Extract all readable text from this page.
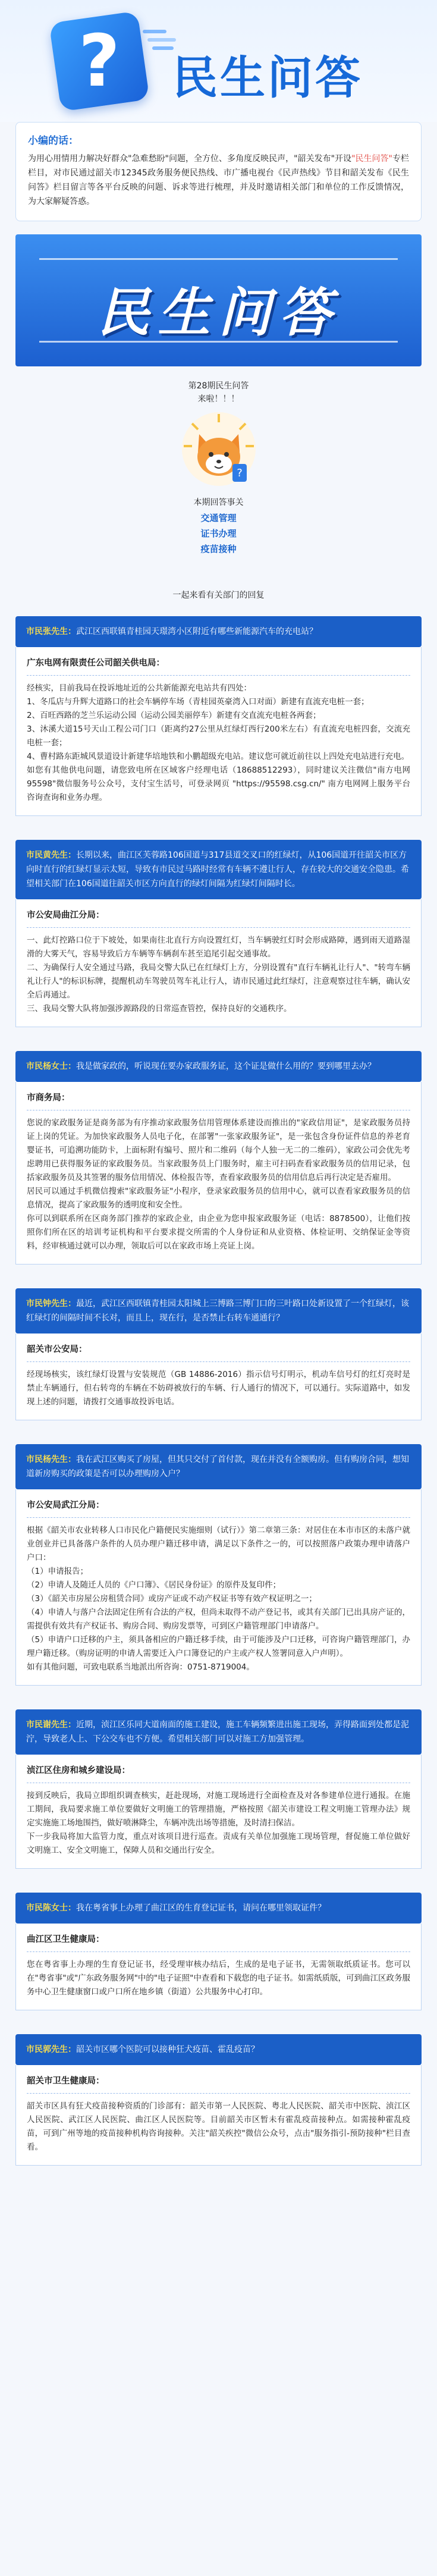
? 民生问答
小编的话：

为用心用情用力解决好群众"急难愁盼"问题，全方位、多角度反映民声，"韶关发布"开设"民生问答"专栏栏目，对市民通过韶关市12345政务服务便民热线、市广播电视台《民声热线》节目和韶关发布《民生问答》栏目留言等各平台反映的问题、诉求等进行梳理，并及时邀请相关部门和单位的工作反馈情况，为大家解疑答惑。

民生问答
第28期民生问答
来啦！！！
?
本期回答事关
交通管理
证书办理
疫苗接种
一起来看有关部门的回复
市民张先生：武江区西联镇青桂园天璟湾小区附近有哪些新能源汽车的充电站？
广东电网有限责任公司韶关供电局：

经核实，目前我局在投诉地址近的公共新能源充电站共有四处：
1、冬瓜店与升辉大道路口的社会车辆停车场（青桂园英豪湾入口对面）新建有直流充电桩一套；
2、百旺西路的芝兰乐运动公园（运动公园美丽停车）新建有交直流充电桩各两套；
3、沐溪大道15号天山工程公司门口（距离约27公里从红绿灯西行200米左右）有直流充电桩四套，交流充电桩一套；
4、曹村路东距城风景道设计新建华培地铁和小鹏超级充电站。建议您可就近前往以上四处充电站进行充电。
如您有其他供电问题，请您致电所在区域客户经理电话（18688512293），同时建议关注微信"南方电网95598"微信服务号公众号，支付宝生活号，可登录网页 "https://95598.csg.cn/" 南方电网网上服务平台咨询查询和业务办理。

市民黄先生：长期以来，曲江区芙蓉路106国道与317县道交叉口的红绿灯，从106国道开往韶关市区方向时直行的红绿灯显示太短，导致有市民过马路时经常有车辆不遵让行人，存在较大的交通安全隐患。希望相关部门在106国道往韶关市区方向直行的绿灯间隔为红绿灯间隔时长。
市公安局曲江分局：

一、此灯控路口位于下坡处，如果南往北直行方向设置红灯，当车辆驶红灯时会形成路障，遇到雨天道路湿滑的大雾天气，容易导致后方车辆等车辆刹车甚至追尾引起交通事故。
二、为确保行人安全通过马路，我局交警大队已在红绿灯上方，分别设置有"直行车辆礼让行人"、"转弯车辆礼让行人"的标识标牌，提醒机动车驾驶员驾车礼让行人，请市民通过此红绿灯，注意观察过往车辆，确认安全后再通过。
三、我局交警大队将加强涉源路段的日常巡查管控，保持良好的交通秩序。

市民杨女士：我是做家政的，听说现在要办家政服务证，这个证是做什么用的？要到哪里去办？
市商务局：

您说的家政服务证是商务部为有序推动家政服务信用管理体系建设而推出的"家政信用证"，是家政服务员持证上岗的凭证。为加快家政服务人员电子化，在部署"一张家政服务证"，是一张包含身份证件信息的养老育婴证书，可追溯功能防卡，上面标附有编号、照片和二维码（每个人独一无二的二维码），家政公司会优先考虑聘用已获得服务证的家政服务员。当家政服务员上门服务时，雇主可扫码查看家政服务员的信用记录，包括家政服务员及其签署的服务信用情况、体检报告等，查看家政服务员的信用信息后再行决定是否雇用。
居民可以通过手机微信搜索"家政服务证"小程序，登录家政服务员的信用中心，就可以查看家政服务员的信息情况，提高了家政服务的透明度和安全性。
你可以到联系所在区商务部门推荐的家政企业，由企业为您申报家政服务证（电话：8878500），让他们按照你们所在区的培训考证机构和平台要求提交所需的个人身份证和从业资格、体检证明、交纳保证金等资料，经审核通过就可以办理，领取后可以在家政市场上亮证上岗。

市民钟先生：最近，武江区西联镇青桂园太阳城上三博路三博门口的三叶路口处新设置了一个红绿灯，该红绿灯的间隔时间不长对，而且上，现在行，是否禁止右转车通通行？
韶关市公安局：

经现场核实，该红绿灯设置与安装规范（GB 14886-2016）指示信号灯明示，机动车信号灯的红灯亮时是禁止车辆通行，但右转弯的车辆在不妨碍被放行的车辆、行人通行的情况下，可以通行。实际道路中，如发现上述的问题，请拨打交通事故投诉电话。

市民杨先生：我在武江区购买了房屋，但其只交付了首付款，现在并没有全额购房。但有购房合同，想知道新房购买的政策是否可以办理购房入户？
市公安局武江分局：

根据《韶关市农业转移人口市民化户籍便民实施细则（试行）》第二章第三条：对居住在本市市区的未落户就业创业并已具备落户条件的人员办理户籍迁移申请，满足以下条件之一的，可以按照落户政策办理申请落户户口：
（1）申请报告；
（2）申请人及随迁人员的《户口簿》、《居民身份证》的原件及复印件；
（3）《韶关市房屋公房租赁合同》或房产证或不动产权证书等有效产权证明之一；
（4）申请人与落户合法固定住所有合法的产权，但尚未取得不动产登记书，或其有关部门已出具房产证的，需提供有效共有产权证书、购房合同、购房发票等，可到区户籍管理部门申请落户。
（5）申请户口迁移的户主，须具备相应的户籍迁移手续，由于可能涉及户口迁移，可咨询户籍管理部门，办理户籍迁移。（购房证明的申请人需要迁入户口簿登记的户主或产权人签署同意入户声明）。
如有其他问题，可致电联系当地派出所咨询：0751-8719004。

市民谢先生：近期，浈江区乐同大道南面的施工建设，施工车辆频繁进出施工现场，弄得路面到处都是泥泞，导致老人上、下公交车也不方便。希望相关部门可以对施工方加强管理。
浈江区住房和城乡建设局：

接到反映后，我局立即组织调查核实，赶赴现场，对施工现场进行全面检查及对各参建单位进行通报。在施工期间，我局要求施工单位要做好文明施工的管理措施，严格按照《韶关市建设工程文明施工管理办法》规定实施施工场地围挡，做好喷淋降尘，车辆冲洗出场等措施，及时清扫保洁。
下一步我局将加大监管力度，重点对该项目进行巡查。责成有关单位加强施工现场管理，督促施工单位做好文明施工、安全文明施工，保障人员和交通出行安全。

市民陈女士：我在粤省事上办理了曲江区的生育登记证书，请问在哪里领取证件？
曲江区卫生健康局：

您在粤省事上办理的生育登记证书，经受理审核办结后，生成的是电子证书，无需领取纸质证书。您可以在"粤省事"或"广东政务服务网"中的"电子证照"中查看和下载您的电子证书。如需纸质版，可到曲江区政务服务中心卫生健康窗口或户口所在地乡镇（街道）公共服务中心打印。

市民郭先生：韶关市区哪个医院可以接种狂犬疫苗、霍乱疫苗？
韶关市卫生健康局：

韶关市区具有狂犬疫苗接种资质的门诊部有：韶关市第一人民医院、粤北人民医院、韶关市中医院、浈江区人民医院、武江区人民医院、曲江区人民医院等。目前韶关市区暂未有霍乱疫苗接种点。如需接种霍乱疫苗，可到广州等地的疫苗接种机构咨询接种。关注"韶关疾控"微信公众号，点击"服务指引-预防接种"栏目查看。
